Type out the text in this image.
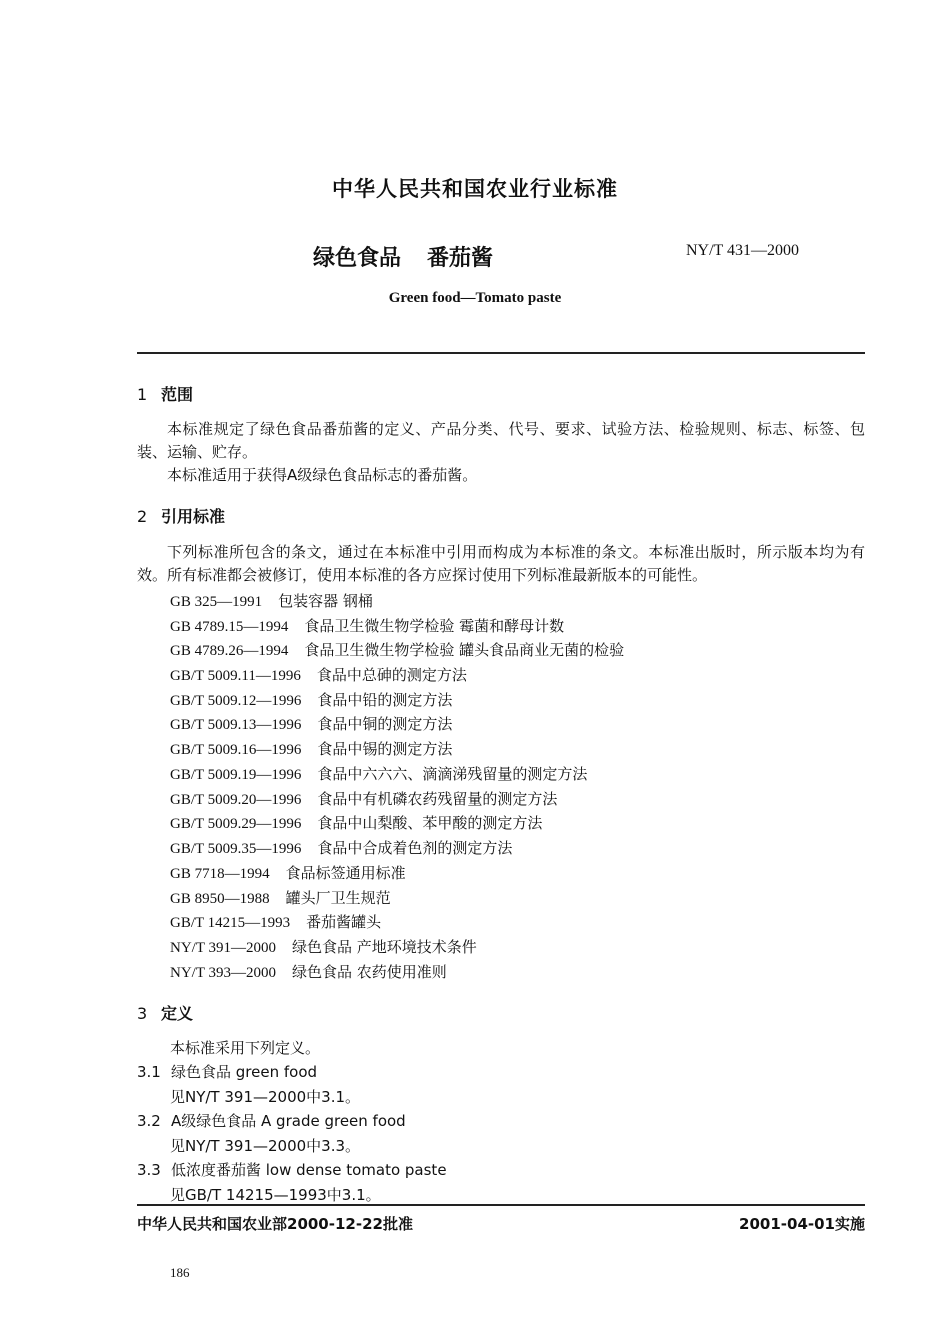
中华人民共和国农业行业标准
绿色食品 番茄酱	NY/T 431—2000
Green food—Tomato paste
1 范围

本标准规定了绿色食品番茄酱的定义、产品分类、代号、要求、试验方法、检验规则、标志、标签、包装、运输、贮存。

本标准适用于获得A级绿色食品标志的番茄酱。

2 引用标准

下列标准所包含的条文，通过在本标准中引用而构成为本标准的条文。本标准出版时，所示版本均为有效。所有标准都会被修订，使用本标准的各方应探讨使用下列标准最新版本的可能性。

GB 325—1991 包装容器 钢桶
GB 4789.15—1994 食品卫生微生物学检验 霉菌和酵母计数
GB 4789.26—1994 食品卫生微生物学检验 罐头食品商业无菌的检验
GB/T 5009.11—1996 食品中总砷的测定方法
GB/T 5009.12—1996 食品中铅的测定方法
GB/T 5009.13—1996 食品中铜的测定方法
GB/T 5009.16—1996 食品中锡的测定方法
GB/T 5009.19—1996 食品中六六六、滴滴涕残留量的测定方法
GB/T 5009.20—1996 食品中有机磷农药残留量的测定方法
GB/T 5009.29—1996 食品中山梨酸、苯甲酸的测定方法
GB/T 5009.35—1996 食品中合成着色剂的测定方法
GB 7718—1994 食品标签通用标准
GB 8950—1988 罐头厂卫生规范
GB/T 14215—1993 番茄酱罐头
NY/T 391—2000 绿色食品 产地环境技术条件
NY/T 393—2000 绿色食品 农药使用准则
3 定义
本标准采用下列定义。
3.1 绿色食品 green food
见NY/T 391—2000中3.1。
3.2 A级绿色食品 A grade green food
见NY/T 391—2000中3.3。
3.3 低浓度番茄酱 low dense tomato paste
见GB/T 14215—1993中3.1。
中华人民共和国农业部2000-12-22批准	2001-04-01实施
186
